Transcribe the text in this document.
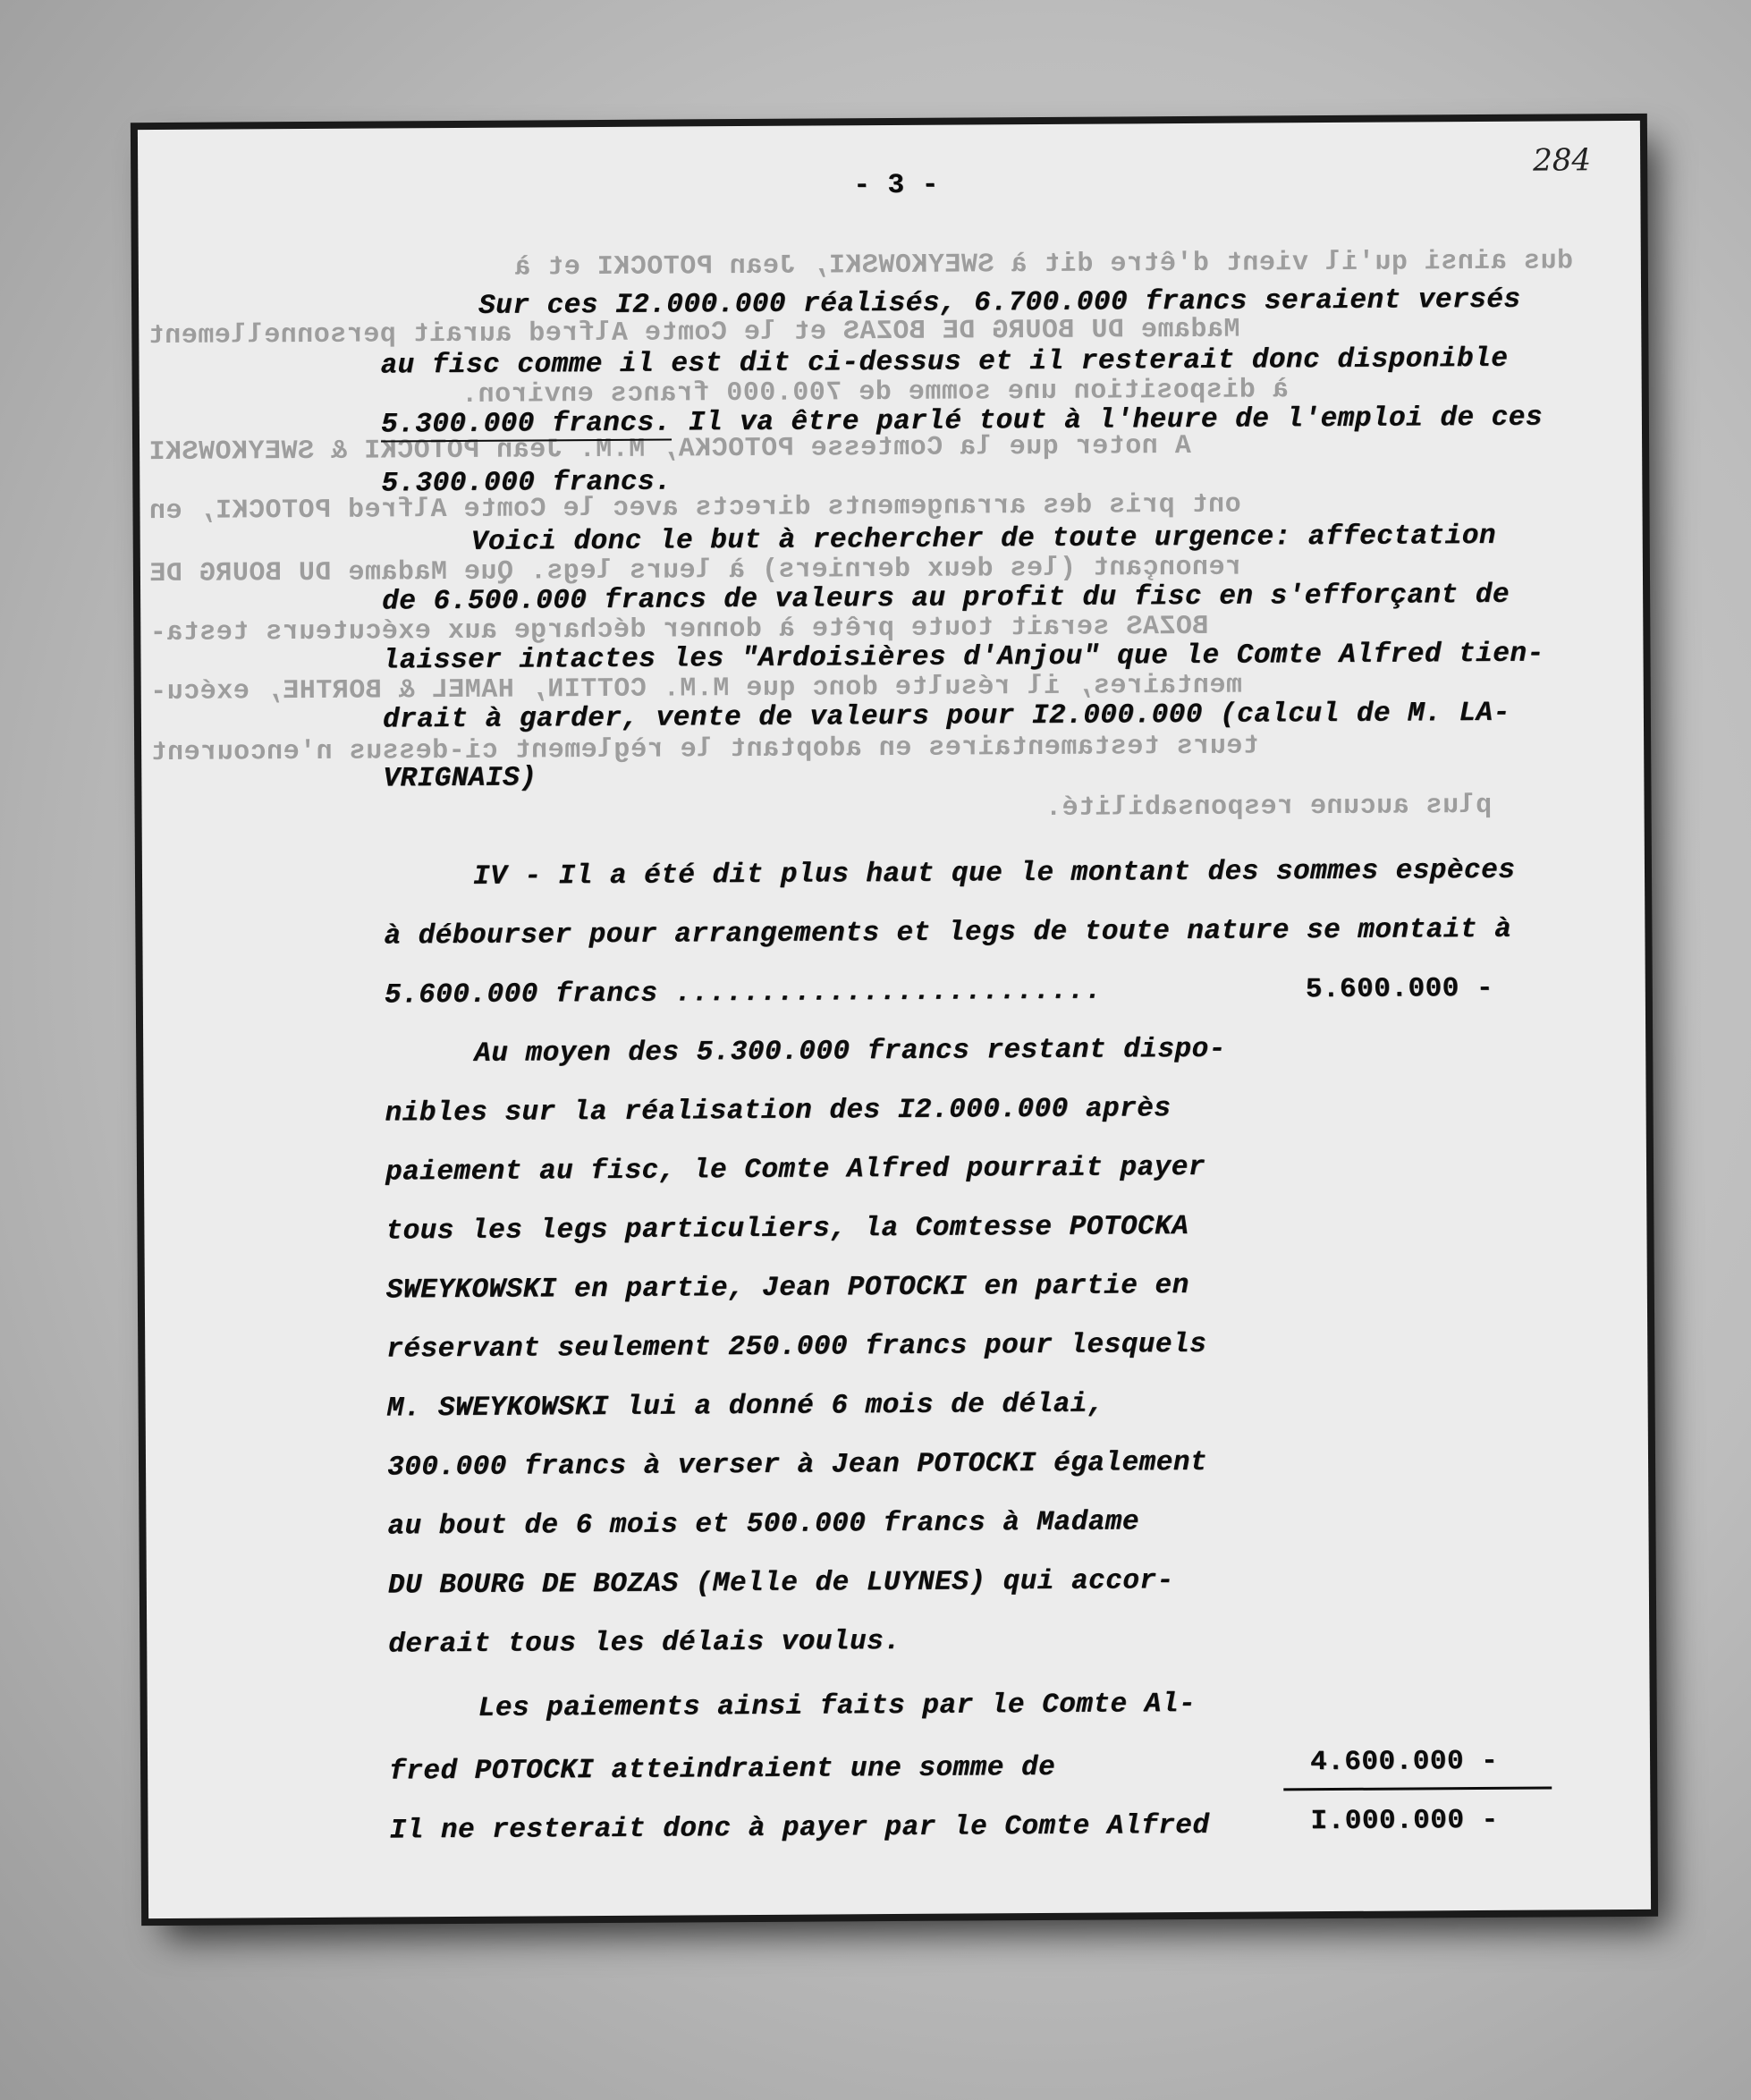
dus ainsi qu'il vient d'être dit à SWEYKOWSKI, Jean POTOCKI et à
Madame DU BOURG DE BOZAS et le Comte Alfred aurait personnellement
à disposition une somme de 700.000 francs environ.
A noter que la Comtesse POTOCKA, M.M. Jean POTOCKI & SWEYKOWSKI
ont pris des arrangements directs avec le Comte Alfred POTOCKI, en
renonçant (les deux derniers) à leurs legs. Que Madame DU BOURG DE
BOZAS serait toute prête à donner décharge aux exécuteurs testa-
mentaires, il résulte donc que M.M. COTTIN, HAMEL & BORTHE, exécu-
teurs testamentaires en adoptant le règlement ci-dessus n'encourent
plus aucune responsabilité.
- 3 -
284
Sur ces I2.000.000 réalisés, 6.700.000 francs seraient versés
au fisc comme il est dit ci-dessus et il resterait donc disponible
5.300.000 francs. Il va être parlé tout à l'heure de l'emploi de ces
5.300.000 francs.
Voici donc le but à rechercher de toute urgence: affectation
de 6.500.000 francs de valeurs au profit du fisc en s'efforçant de
laisser intactes les "Ardoisières d'Anjou" que le Comte Alfred tien-
drait à garder, vente de valeurs pour I2.000.000 (calcul de M. LA-
VRIGNAIS)
IV - Il a été dit plus haut que le montant des sommes espèces
à débourser pour arrangements et legs de toute nature se montait à
5.600.000 francs .........................	5.600.000 -
Au moyen des 5.300.000 francs restant dispo-
nibles sur la réalisation des I2.000.000 après
paiement au fisc, le Comte Alfred pourrait payer
tous les legs particuliers, la Comtesse POTOCKA
SWEYKOWSKI en partie, Jean POTOCKI en partie en
réservant seulement 250.000 francs pour lesquels
M. SWEYKOWSKI lui a donné 6 mois de délai,
300.000 francs à verser à Jean POTOCKI également
au bout de 6 mois et 500.000 francs à Madame
DU BOURG DE BOZAS (Melle de LUYNES) qui accor-
derait tous les délais voulus.
Les paiements ainsi faits par le Comte Al-
fred POTOCKI atteindraient une somme de	4.600.000 -
Il ne resterait donc à payer par le Comte Alfred	I.000.000 -
